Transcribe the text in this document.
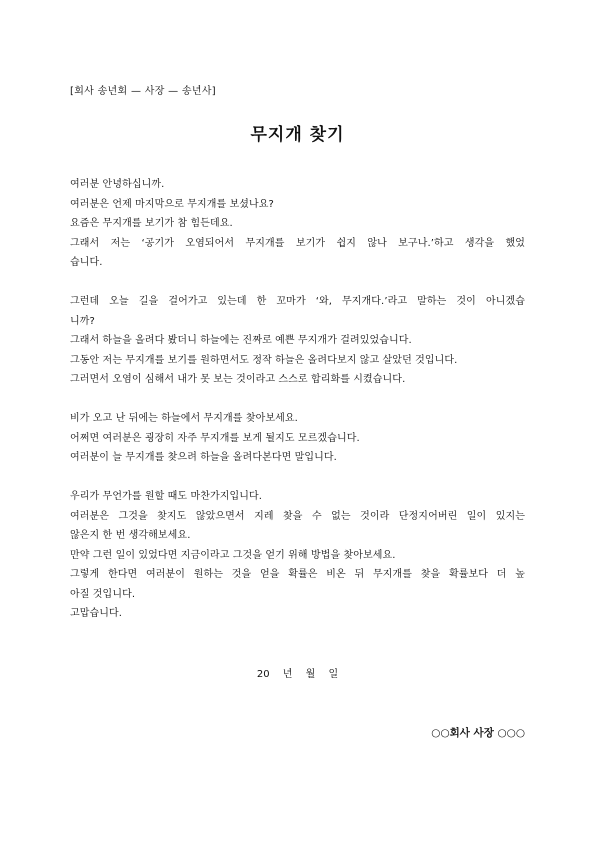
[회사 송년회 — 사장 — 송년사]
무지개 찾기
여러분 안녕하십니까.
여러분은 언제 마지막으로 무지개를 보셨나요?
요즘은 무지개를 보기가 참 힘든데요.
그래서 저는 ‘공기가 오염되어서 무지개를 보기가 쉽지 않나 보구나.’하고 생각을 했었
습니다.
그런데 오늘 길을 걸어가고 있는데 한 꼬마가 ‘와, 무지개다.’라고 말하는 것이 아니겠습
니까?
그래서 하늘을 올려다 봤더니 하늘에는 진짜로 예쁜 무지개가 걸려있었습니다.
그동안 저는 무지개를 보기를 원하면서도 정작 하늘은 올려다보지 않고 살았던 것입니다.
그러면서 오염이 심해서 내가 못 보는 것이라고 스스로 합리화를 시켰습니다.
비가 오고 난 뒤에는 하늘에서 무지개를 찾아보세요.
어쩌면 여러분은 굉장히 자주 무지개를 보게 될지도 모르겠습니다.
여러분이 늘 무지개를 찾으려 하늘을 올려다본다면 말입니다.
우리가 무언가를 원할 때도 마찬가지입니다.
여러분은 그것을 찾지도 않았으면서 지레 찾을 수 없는 것이라 단정지어버린 일이 있지는
않은지 한 번 생각해보세요.
만약 그런 일이 있었다면 지금이라고 그것을 얻기 위해 방법을 찾아보세요.
그렇게 한다면 여러분이 원하는 것을 얻을 확률은 비온 뒤 무지개를 찾을 확률보다 더 높
아질 것입니다.
고맙습니다.
20 년 월 일
○○회사 사장 ○○○
